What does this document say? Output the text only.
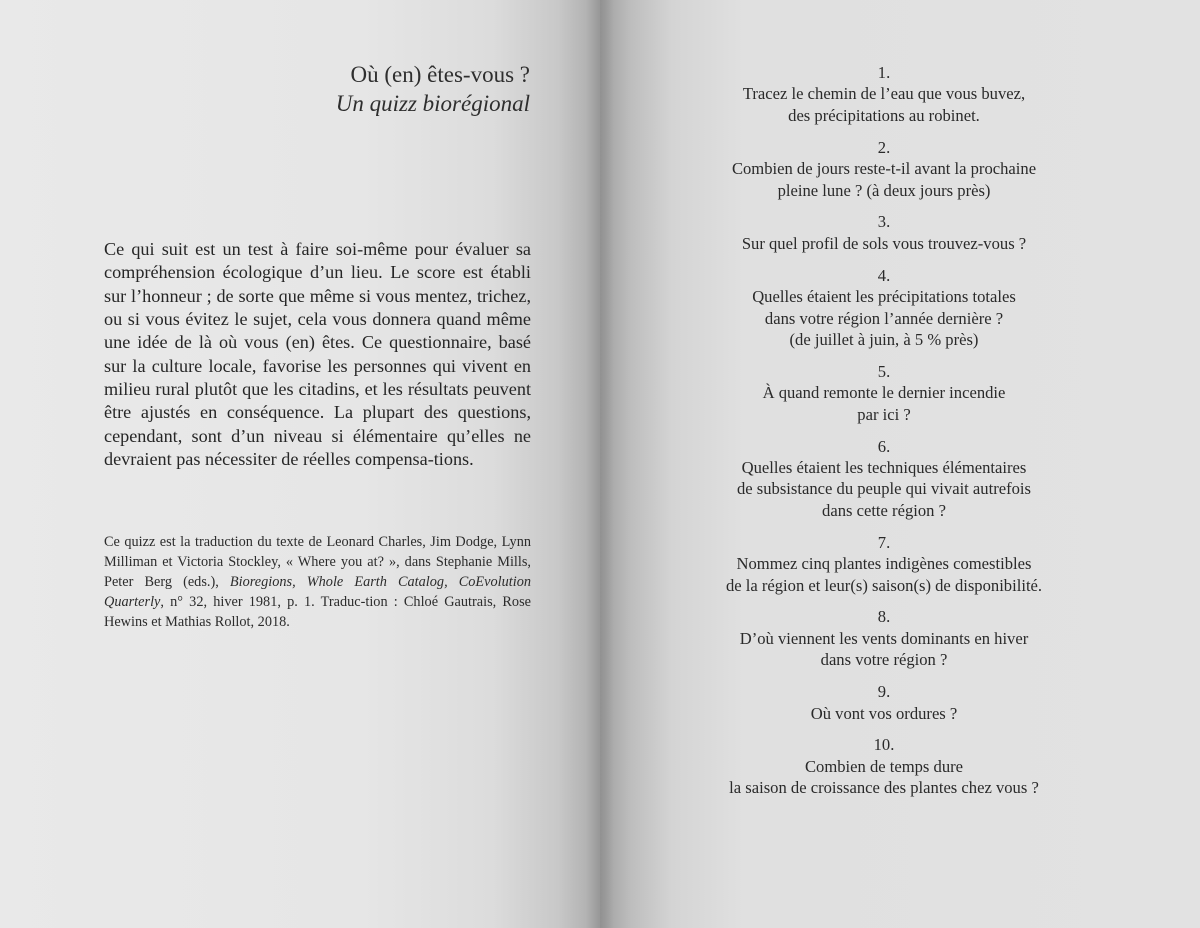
Où (en) êtes-vous ?
Un quizz biorégional

Ce qui suit est un test à faire soi-même pour évaluer sa compréhension écologique d’un lieu. Le score est établi sur l’honneur ; de sorte que même si vous mentez, trichez, ou si vous évitez le sujet, cela vous donnera quand même une idée de là où vous (en) êtes. Ce questionnaire, basé sur la culture locale, favorise les personnes qui vivent en milieu rural plutôt que les citadins, et les résultats peuvent être ajustés en conséquence. La plupart des questions, cependant, sont d’un niveau si élémentaire qu’elles ne devraient pas nécessiter de réelles compensa-tions.

Ce quizz est la traduction du texte de Leonard Charles, Jim Dodge, Lynn Milliman et Victoria Stockley, « Where you at? », dans Stephanie Mills, Peter Berg (eds.), Bioregions, Whole Earth Catalog, CoEvolution Quarterly, n° 32, hiver 1981, p. 1. Traduc-tion : Chloé Gautrais, Rose Hewins et Mathias Rollot, 2018.

1.
Tracez le chemin de l’eau que vous buvez,
des précipitations au robinet.
2.
Combien de jours reste-t-il avant la prochaine
pleine lune ? (à deux jours près)
3.
Sur quel profil de sols vous trouvez-vous ?
4.
Quelles étaient les précipitations totales
dans votre région l’année dernière ?
(de juillet à juin, à 5 % près)
5.
À quand remonte le dernier incendie
par ici ?
6.
Quelles étaient les techniques élémentaires
de subsistance du peuple qui vivait autrefois
dans cette région ?
7.
Nommez cinq plantes indigènes comestibles
de la région et leur(s) saison(s) de disponibilité.
8.
D’où viennent les vents dominants en hiver
dans votre région ?
9.
Où vont vos ordures ?
10.
Combien de temps dure
la saison de croissance des plantes chez vous ?
